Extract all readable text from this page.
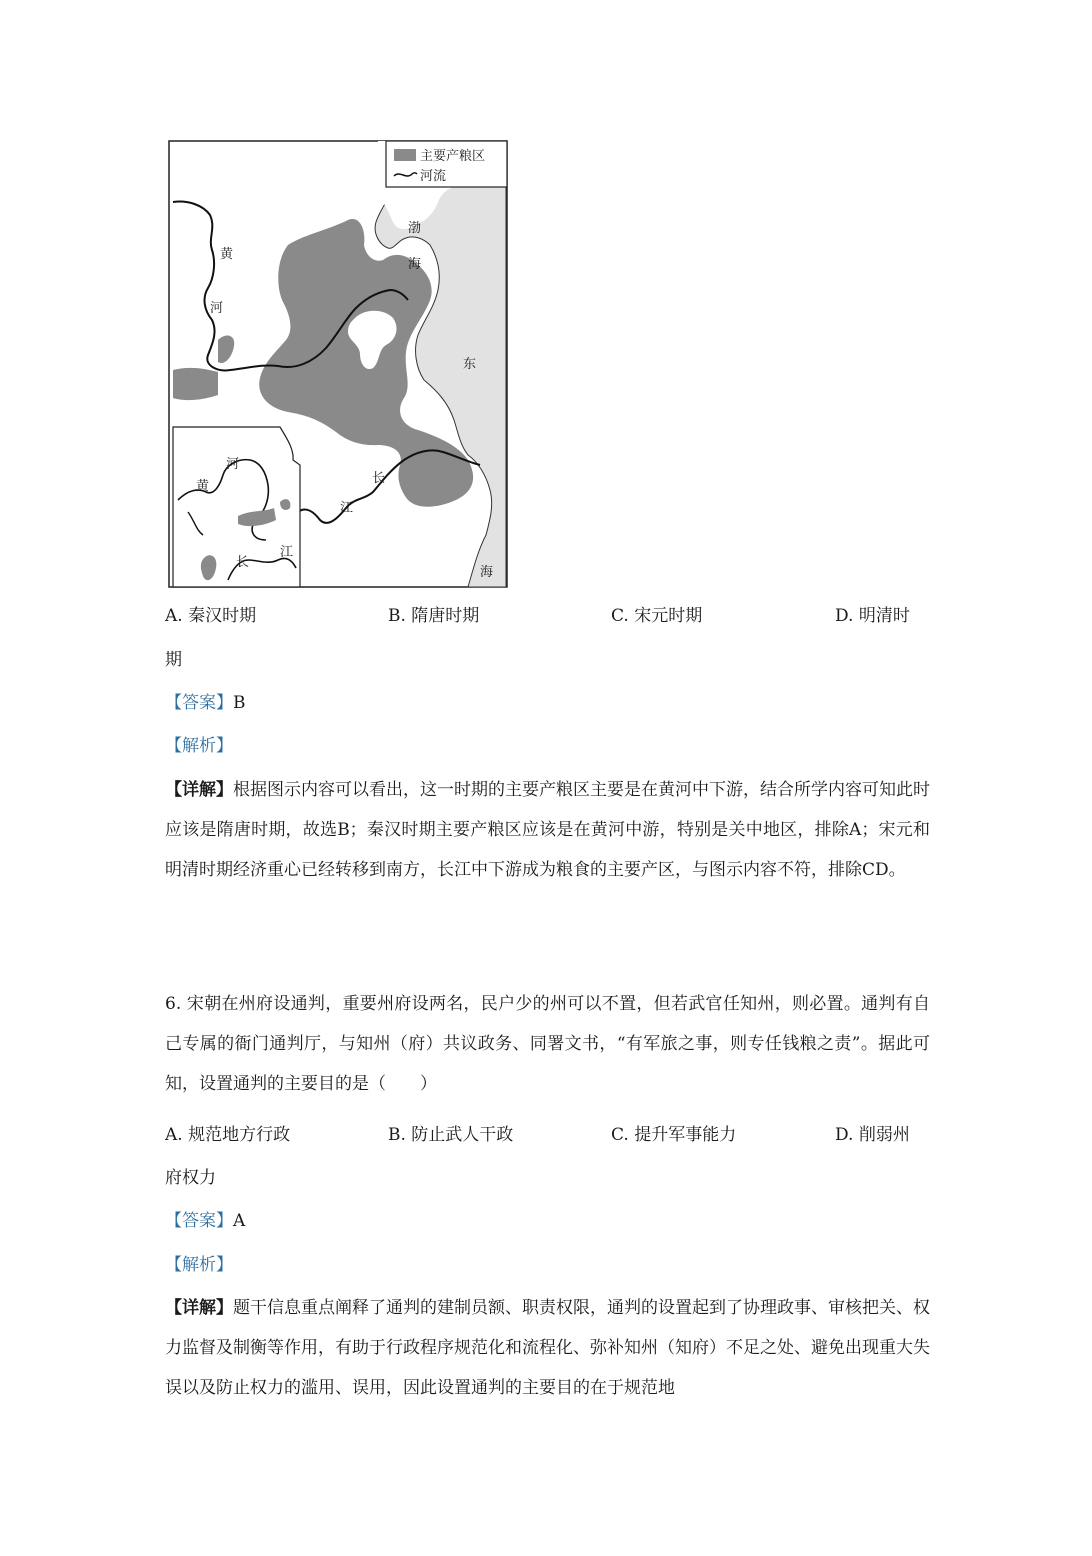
主要产粮区
河流
黄
河
渤
海
东
长
江
海
河
黄
长
江
A. 秦汉时期	B. 隋唐时期	C. 宋元时期	D. 明清时
期
【答案】B
【解析】
【详解】根据图示内容可以看出，这一时期的主要产粮区主要是在黄河中下游，结合所学内容可知此时应该是隋唐时期，故选B；秦汉时期主要产粮区应该是在黄河中游，特别是关中地区，排除A；宋元和明清时期经济重心已经转移到南方，长江中下游成为粮食的主要产区，与图示内容不符，排除CD。
6. 宋朝在州府设通判，重要州府设两名，民户少的州可以不置，但若武官任知州，则必置。通判有自己专属的衙门通判厅，与知州（府）共议政务、同署文书，“有军旅之事，则专任钱粮之责”。据此可知，设置通判的主要目的是（　　）
A. 规范地方行政	B. 防止武人干政	C. 提升军事能力	D. 削弱州
府权力
【答案】A
【解析】
【详解】题干信息重点阐释了通判的建制员额、职责权限，通判的设置起到了协理政事、审核把关、权力监督及制衡等作用，有助于行政程序规范化和流程化、弥补知州（知府）不足之处、避免出现重大失误以及防止权力的滥用、误用，因此设置通判的主要目的在于规范地
